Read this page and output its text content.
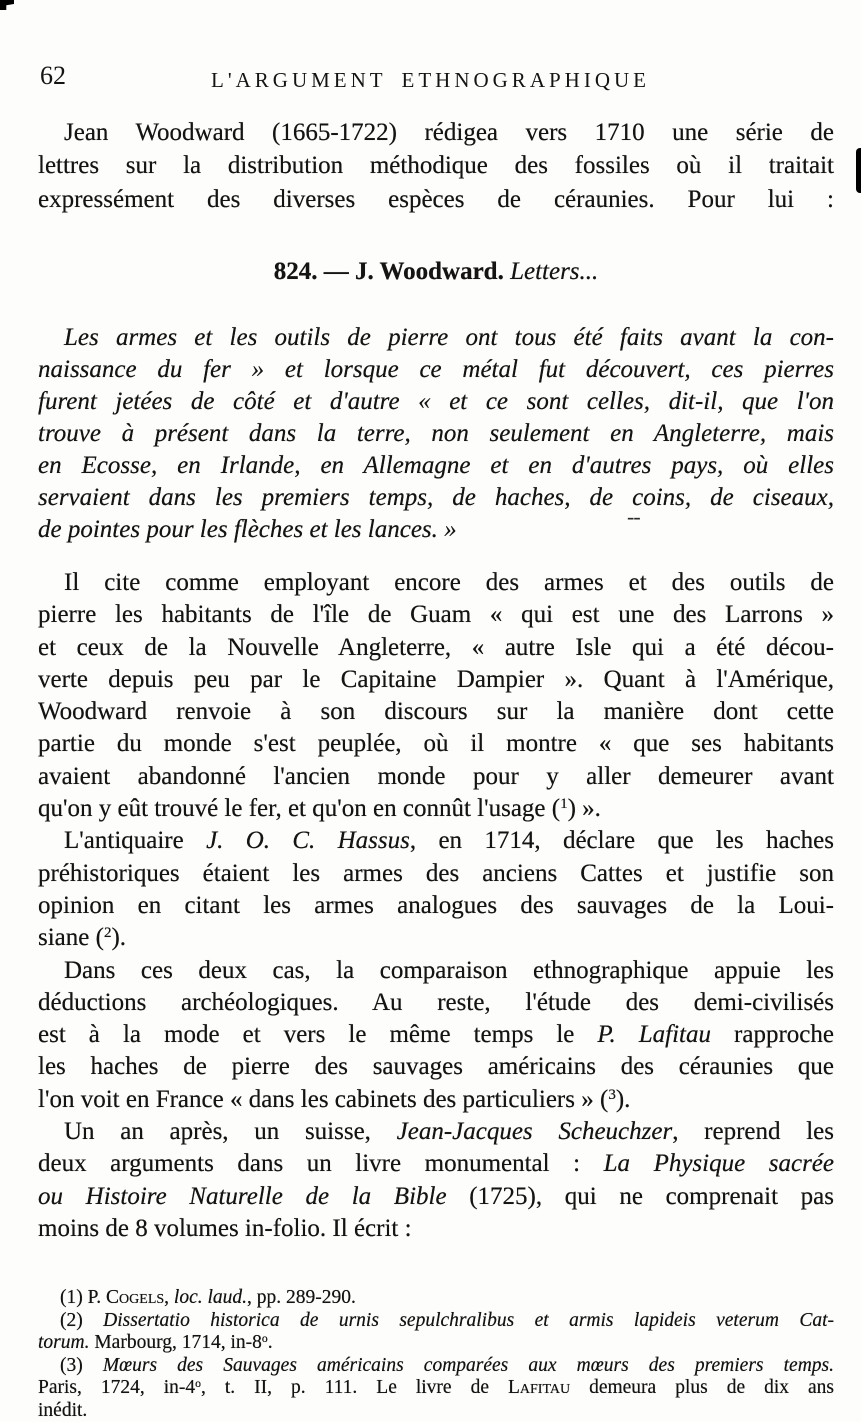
62	L'ARGUMENT ETHNOGRAPHIQUE
Jean Woodward (1665-1722) rédigea vers 1710 une série de
lettres sur la distribution méthodique des fossiles où il traitait
expressément des diverses espèces de céraunies. Pour lui :
824. — J. Woodward. Letters...
Les armes et les outils de pierre ont tous été faits avant la con-
naissance du fer » et lorsque ce métal fut découvert, ces pierres
furent jetées de côté et d'autre « et ce sont celles, dit-il, que l'on
trouve à présent dans la terre, non seulement en Angleterre, mais
en Ecosse, en Irlande, en Allemagne et en d'autres pays, où elles
servaient dans les premiers temps, de haches, de coins, de ciseaux,
de pointes pour les flèches et les lances. »	--
Il cite comme employant encore des armes et des outils de
pierre les habitants de l'île de Guam « qui est une des Larrons »
et ceux de la Nouvelle Angleterre, « autre Isle qui a été décou-
verte depuis peu par le Capitaine Dampier ». Quant à l'Amérique,
Woodward renvoie à son discours sur la manière dont cette
partie du monde s'est peuplée, où il montre « que ses habitants
avaient abandonné l'ancien monde pour y aller demeurer avant
qu'on y eût trouvé le fer, et qu'on en connût l'usage ($^1$) ».
L'antiquaire J. O. C. Hassus, en 1714, déclare que les haches
préhistoriques étaient les armes des anciens Cattes et justifie son
opinion en citant les armes analogues des sauvages de la Loui-
siane ($^2$).
Dans ces deux cas, la comparaison ethnographique appuie les
déductions archéologiques. Au reste, l'étude des demi-civilisés
est à la mode et vers le même temps le P. Lafitau rapproche
les haches de pierre des sauvages américains des céraunies que
l'on voit en France « dans les cabinets des particuliers » ($^3$).
Un an après, un suisse, Jean-Jacques Scheuchzer, reprend les
deux arguments dans un livre monumental : La Physique sacrée
ou Histoire Naturelle de la Bible (1725), qui ne comprenait pas
moins de 8 volumes in-folio. Il écrit :
(1) P. Cogels, loc. laud., pp. 289-290.
(2) Dissertatio historica de urnis sepulchralibus et armis lapideis veterum Cat-
torum. Marbourg, 1714, in-8$^o$.
(3) Mœurs des Sauvages américains comparées aux mœurs des premiers temps.
Paris, 1724, in-4$^o$, t. II, p. 111. Le livre de Lafitau demeura plus de dix ans
inédit.
